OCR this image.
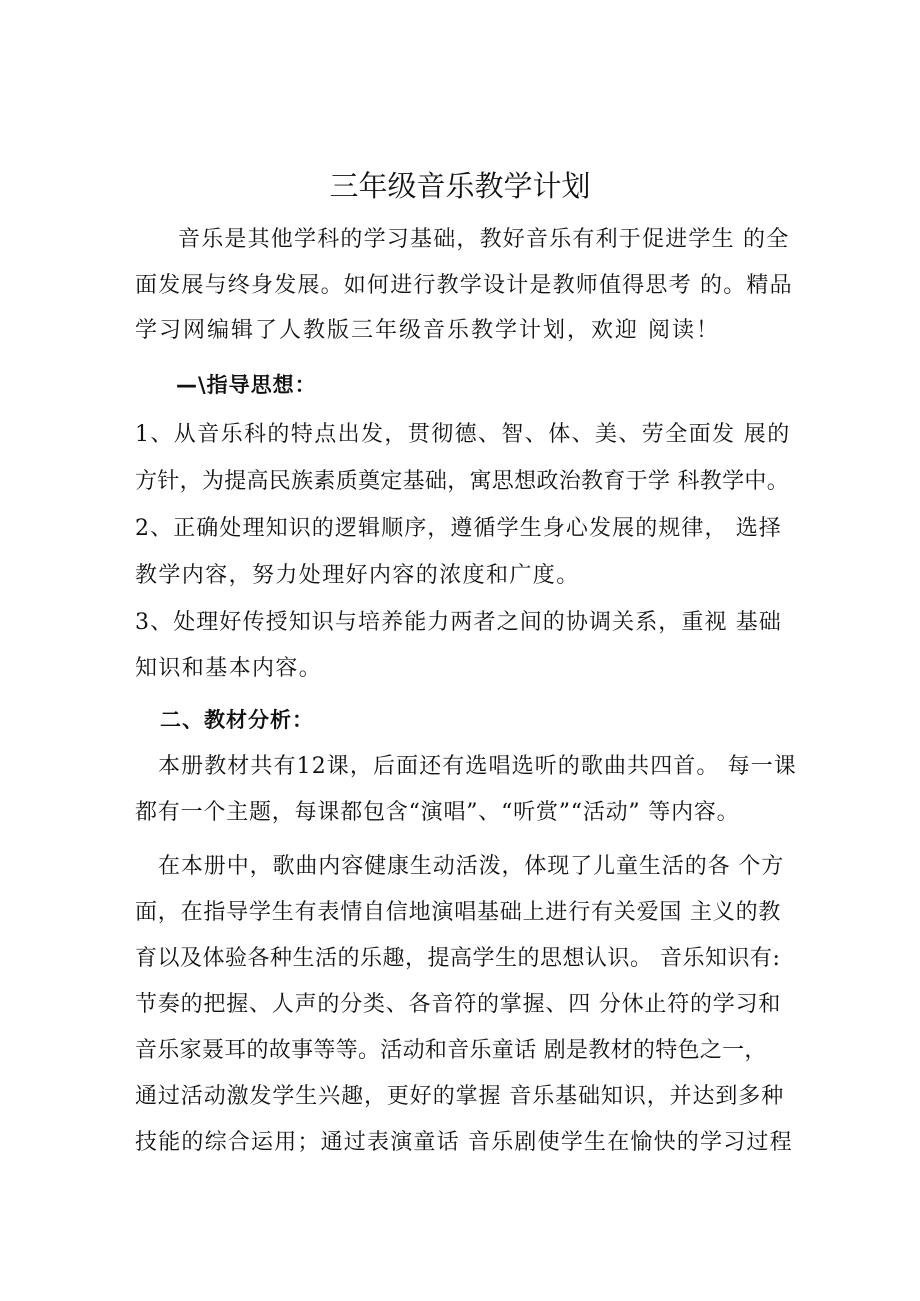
三年级音乐教学计划
音乐是其他学科的学习基础，教好音乐有利于促进学生 的全
面发展与终身发展。如何进行教学设计是教师值得思考 的。精品
学习网编辑了人教版三年级音乐教学计划，欢迎 阅读！
—\指导思想：
1、从音乐科的特点出发，贯彻德、智、体、美、劳全面发 展的
方针，为提高民族素质奠定基础，寓思想政治教育于学 科教学中。
2、正确处理知识的逻辑顺序，遵循学生身心发展的规律， 选择
教学内容，努力处理好内容的浓度和广度。
3、处理好传授知识与培养能力两者之间的协调关系，重视 基础
知识和基本内容。
二、教材分析：
本册教材共有12课，后面还有选唱选听的歌曲共四首。 每一课
都有一个主题，每课都包含“演唱”、“听赏”“活动” 等内容。
在本册中，歌曲内容健康生动活泼，体现了儿童生活的各 个方
面，在指导学生有表情自信地演唱基础上进行有关爱国 主义的教
育以及体验各种生活的乐趣，提高学生的思想认识。 音乐知识有:
节奏的把握、人声的分类、各音符的掌握、四 分休止符的学习和
音乐家聂耳的故事等等。活动和音乐童话 剧是教材的特色之一，
通过活动激发学生兴趣，更好的掌握 音乐基础知识，并达到多种
技能的综合运用；通过表演童话 音乐剧使学生在愉快的学习过程
